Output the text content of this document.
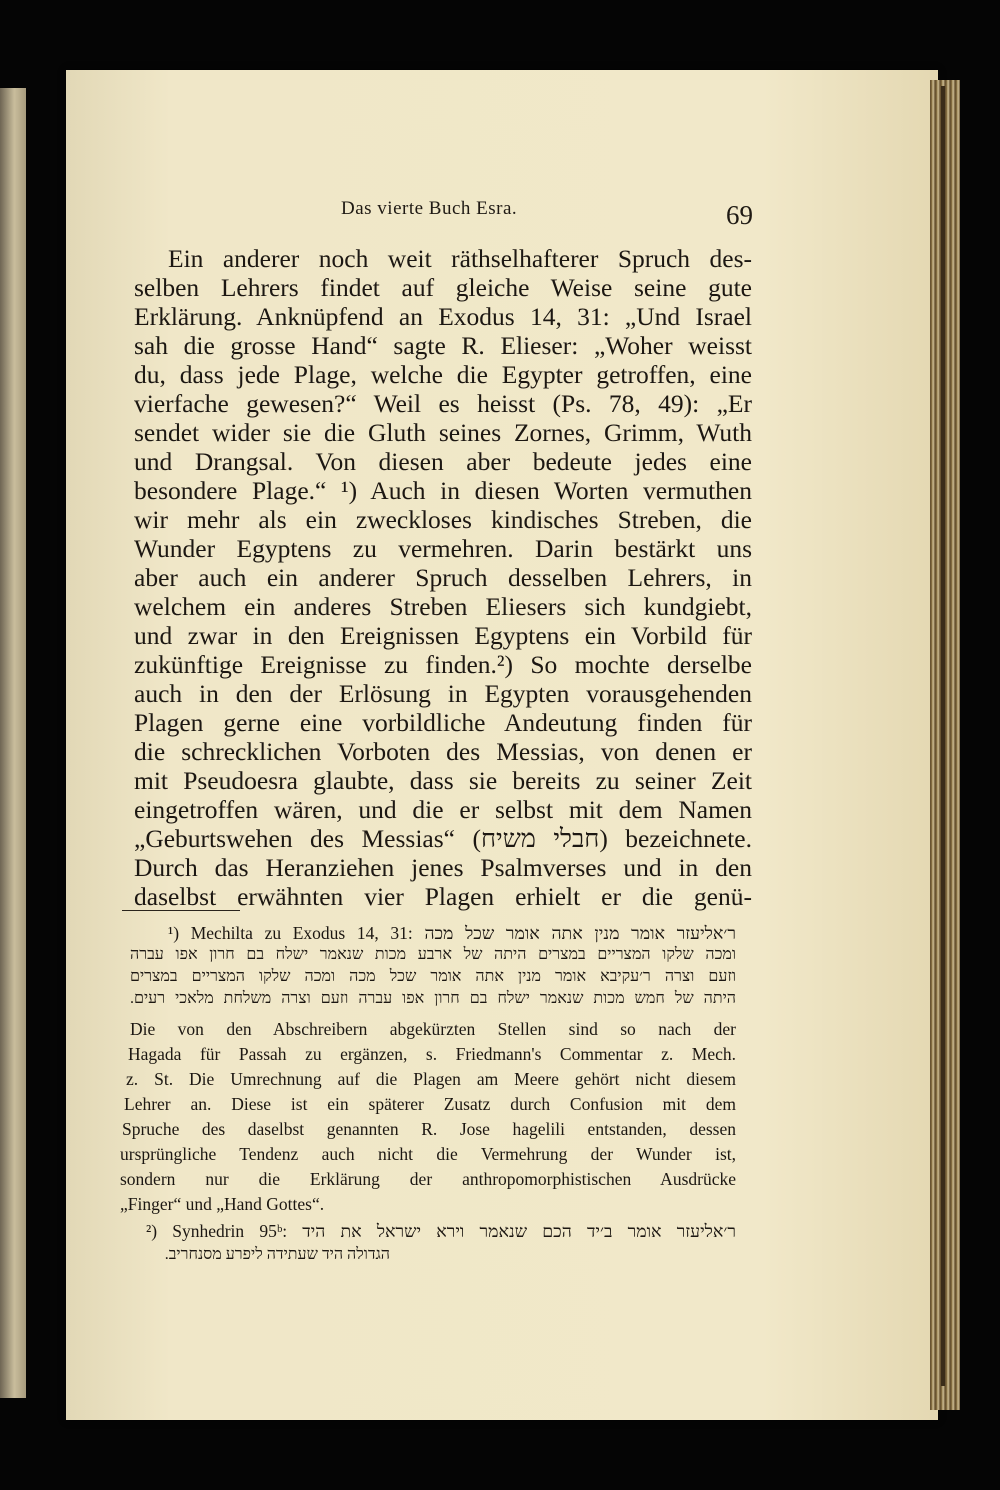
Das vierte Buch Esra.	69
Ein anderer noch weit räthselhafterer Spruch des-
selben Lehrers findet auf gleiche Weise seine gute
Erklärung. Anknüpfend an Exodus 14, 31: „Und Israel
sah die grosse Hand“ sagte R. Elieser: „Woher weisst
du, dass jede Plage, welche die Egypter getroffen, eine
vierfache gewesen?“ Weil es heisst (Ps. 78, 49): „Er
sendet wider sie die Gluth seines Zornes, Grimm, Wuth
und Drangsal. Von diesen aber bedeute jedes eine
besondere Plage.“ ¹) Auch in diesen Worten vermuthen
wir mehr als ein zweckloses kindisches Streben, die
Wunder Egyptens zu vermehren. Darin bestärkt uns
aber auch ein anderer Spruch desselben Lehrers, in
welchem ein anderes Streben Eliesers sich kundgiebt,
und zwar in den Ereignissen Egyptens ein Vorbild für
zukünftige Ereignisse zu finden.²) So mochte derselbe
auch in den der Erlösung in Egypten vorausgehenden
Plagen gerne eine vorbildliche Andeutung finden für
die schrecklichen Vorboten des Messias, von denen er
mit Pseudoesra glaubte, dass sie bereits zu seiner Zeit
eingetroffen wären, und die er selbst mit dem Namen
„Geburtswehen des Messias“ (חבלי משיח) bezeichnete.
Durch das Heranziehen jenes Psalmverses und in den
daselbst erwähnten vier Plagen erhielt er die genü-
¹) Mechilta zu Exodus 14, 31: ר׳אליעזר אומר מנין אתה אומר שכל מכה
ומכה שלקו המצריים במצרים היתה של ארבע מכות שנאמר ישלח בם חרון אפו עברה
וזעם וצרה ר׳עקיבא אומר מנין אתה אומר שכל מכה ומכה שלקו המצריים במצרים
היתה של חמש מכות שנאמר ישלח בם חרון אפו עברה וזעם וצרה משלחת מלאכי רעים.
Die von den Abschreibern abgekürzten Stellen sind so nach der
Hagada für Passah zu ergänzen, s. Friedmann's Commentar z. Mech.
z. St. Die Umrechnung auf die Plagen am Meere gehört nicht diesem
Lehrer an. Diese ist ein späterer Zusatz durch Confusion mit dem
Spruche des daselbst genannten R. Jose hagelili entstanden, dessen
ursprüngliche Tendenz auch nicht die Vermehrung der Wunder ist,
sondern nur die Erklärung der anthropomorphistischen Ausdrücke
„Finger“ und „Hand Gottes“.
²) Synhedrin 95ᵇ: ר׳אליעזר אומר ב׳יד הכם שנאמר וירא ישראל את היד
הגדולה היד שעתידה ליפרע מסנחריב.
